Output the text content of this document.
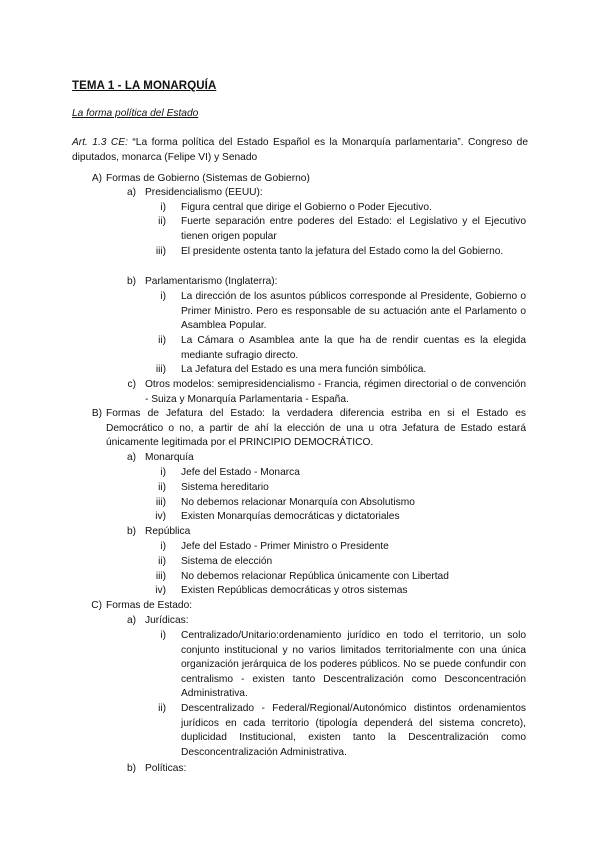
TEMA 1 - LA MONARQUÍA
La forma política del Estado
Art. 1.3 CE: “La forma política del Estado Español es la Monarquía parlamentaria”. Congreso de diputados, monarca (Felipe VI) y Senado
A) Formas de Gobierno (Sistemas de Gobierno)
a) Presidencialismo (EEUU):
i) Figura central que dirige el Gobierno o Poder Ejecutivo.
ii) Fuerte separación entre poderes del Estado: el Legislativo y el Ejecutivo tienen origen popular
iii) El presidente ostenta tanto la jefatura del Estado como la del Gobierno.
b) Parlamentarismo (Inglaterra):
i) La dirección de los asuntos públicos corresponde al Presidente, Gobierno o Primer Ministro. Pero es responsable de su actuación ante el Parlamento o Asamblea Popular.
ii) La Cámara o Asamblea ante la que ha de rendir cuentas es la elegida mediante sufragio directo.
iii) La Jefatura del Estado es una mera función simbólica.
c) Otros modelos: semipresidencialismo - Francia, régimen directorial o de convención - Suiza y Monarquía Parlamentaria - España.
B) Formas de Jefatura del Estado: la verdadera diferencia estriba en si el Estado es Democrático o no, a partir de ahí la elección de una u otra Jefatura de Estado estará únicamente legitimada por el PRINCIPIO DEMOCRÁTICO.
a) Monarquía
i) Jefe del Estado - Monarca
ii) Sistema hereditario
iii) No debemos relacionar Monarquía con Absolutismo
iv) Existen Monarquías democráticas y dictatoriales
b) República
i) Jefe del Estado - Primer Ministro o Presidente
ii) Sistema de elección
iii) No debemos relacionar República únicamente con Libertad
iv) Existen Repúblicas democráticas y otros sistemas
C) Formas de Estado:
a) Jurídicas:
i) Centralizado/Unitario:ordenamiento jurídico en todo el territorio, un solo conjunto institucional y no varios limitados territorialmente con una única organización jerárquica de los poderes públicos. No se puede confundir con centralismo - existen tanto Descentralización como Desconcentración Administrativa.
ii) Descentralizado - Federal/Regional/Autonómico distintos ordenamientos jurídicos en cada territorio (tipología dependerá del sistema concreto), duplicidad Institucional, existen tanto la Descentralización como Desconcentralización Administrativa.
b) Políticas:
